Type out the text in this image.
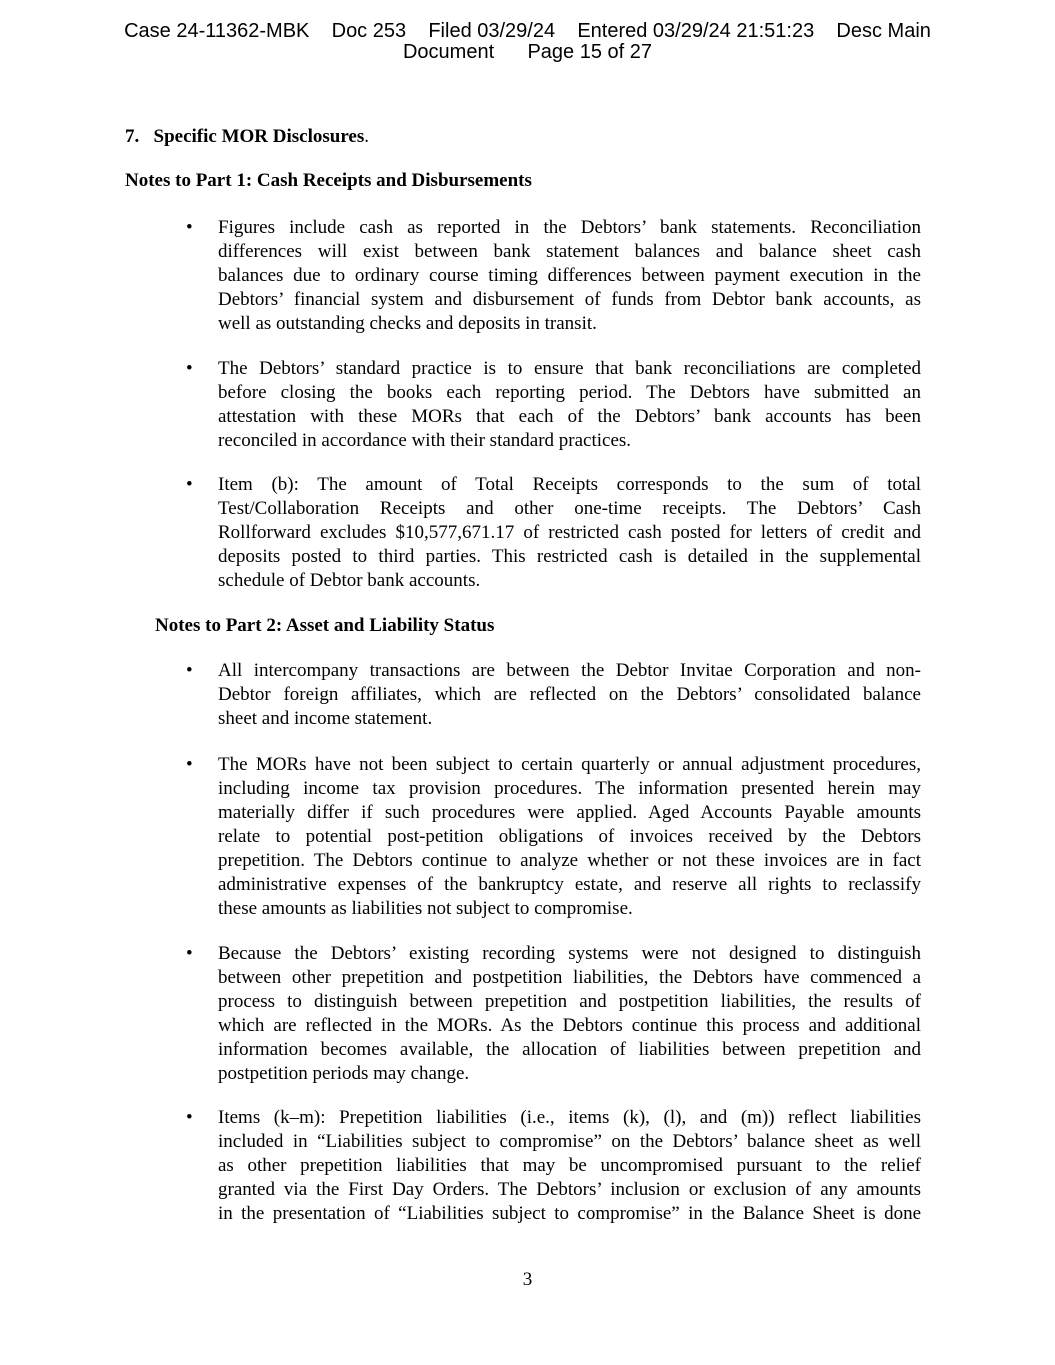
Case 24-11362-MBK    Doc 253    Filed 03/29/24    Entered 03/29/24 21:51:23    Desc Main
Document      Page 15 of 27
7. Specific MOR Disclosures.
Notes to Part 1: Cash Receipts and Disbursements
Notes to Part 2: Asset and Liability Status
•	Figures include cash as reported in the Debtors’ bank statements. Reconciliation
differences will exist between bank statement balances and balance sheet cash
balances due to ordinary course timing differences between payment execution in the
Debtors’ financial system and disbursement of funds from Debtor bank accounts, as
well as outstanding checks and deposits in transit.
•	The Debtors’ standard practice is to ensure that bank reconciliations are completed
before closing the books each reporting period. The Debtors have submitted an
attestation with these MORs that each of the Debtors’ bank accounts has been
reconciled in accordance with their standard practices.
•	Item (b): The amount of Total Receipts corresponds to the sum of total
Test/Collaboration Receipts and other one-time receipts. The Debtors’ Cash
Rollforward excludes $10,577,671.17 of restricted cash posted for letters of credit and
deposits posted to third parties. This restricted cash is detailed in the supplemental
schedule of Debtor bank accounts.
•	All intercompany transactions are between the Debtor Invitae Corporation and non-
Debtor foreign affiliates, which are reflected on the Debtors’ consolidated balance
sheet and income statement.
•	The MORs have not been subject to certain quarterly or annual adjustment procedures,
including income tax provision procedures. The information presented herein may
materially differ if such procedures were applied. Aged Accounts Payable amounts
relate to potential post-petition obligations of invoices received by the Debtors
prepetition. The Debtors continue to analyze whether or not these invoices are in fact
administrative expenses of the bankruptcy estate, and reserve all rights to reclassify
these amounts as liabilities not subject to compromise.
•	Because the Debtors’ existing recording systems were not designed to distinguish
between other prepetition and postpetition liabilities, the Debtors have commenced a
process to distinguish between prepetition and postpetition liabilities, the results of
which are reflected in the MORs. As the Debtors continue this process and additional
information becomes available, the allocation of liabilities between prepetition and
postpetition periods may change.
•	Items (k–m): Prepetition liabilities (i.e., items (k), (l), and (m)) reflect liabilities
included in “Liabilities subject to compromise” on the Debtors’ balance sheet as well
as other prepetition liabilities that may be uncompromised pursuant to the relief
granted via the First Day Orders. The Debtors’ inclusion or exclusion of any amounts
in the presentation of “Liabilities subject to compromise” in the Balance Sheet is done
3
